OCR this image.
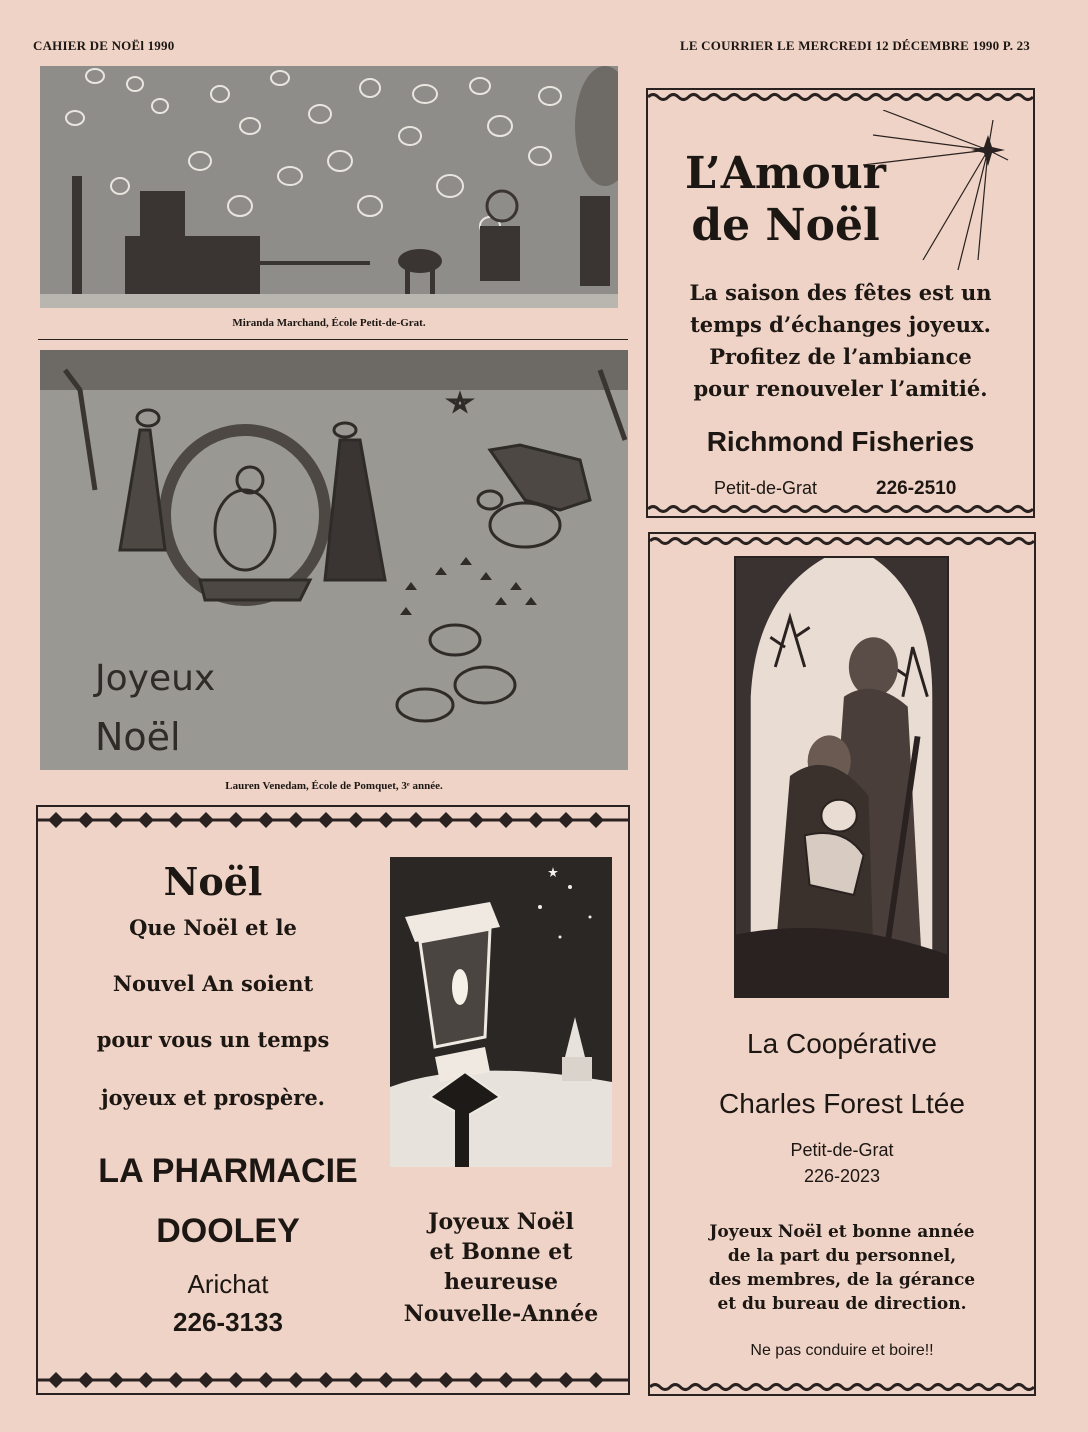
CAHIER DE NOËl 1990	LE COURRIER LE MERCREDI 12 DÉCEMBRE 1990 P. 23
Miranda Marchand, École Petit-de-Grat.
Joyeux
Noël
Lauren Venedam, École de Pomquet, 3ᵉ année.
L’Amour
de Noël
La saison des fêtes est un
temps d’échanges joyeux.
Profitez de l’ambiance
pour renouveler l’amitié.
Richmond Fisheries
Petit-de-Grat	226-2510
Noël
Que Noël et le
Nouvel An soient
pour vous un temps
joyeux et prospère.
LA PHARMACIE
DOOLEY
Arichat
226-3133
Joyeux Noël
et Bonne et
heureuse
Nouvelle-Année
La Coopérative
Charles Forest Ltée
Petit-de-Grat
226-2023
Joyeux Noël et bonne année
de la part du personnel,
des membres, de la gérance
et du bureau de direction.
Ne pas conduire et boire!!
